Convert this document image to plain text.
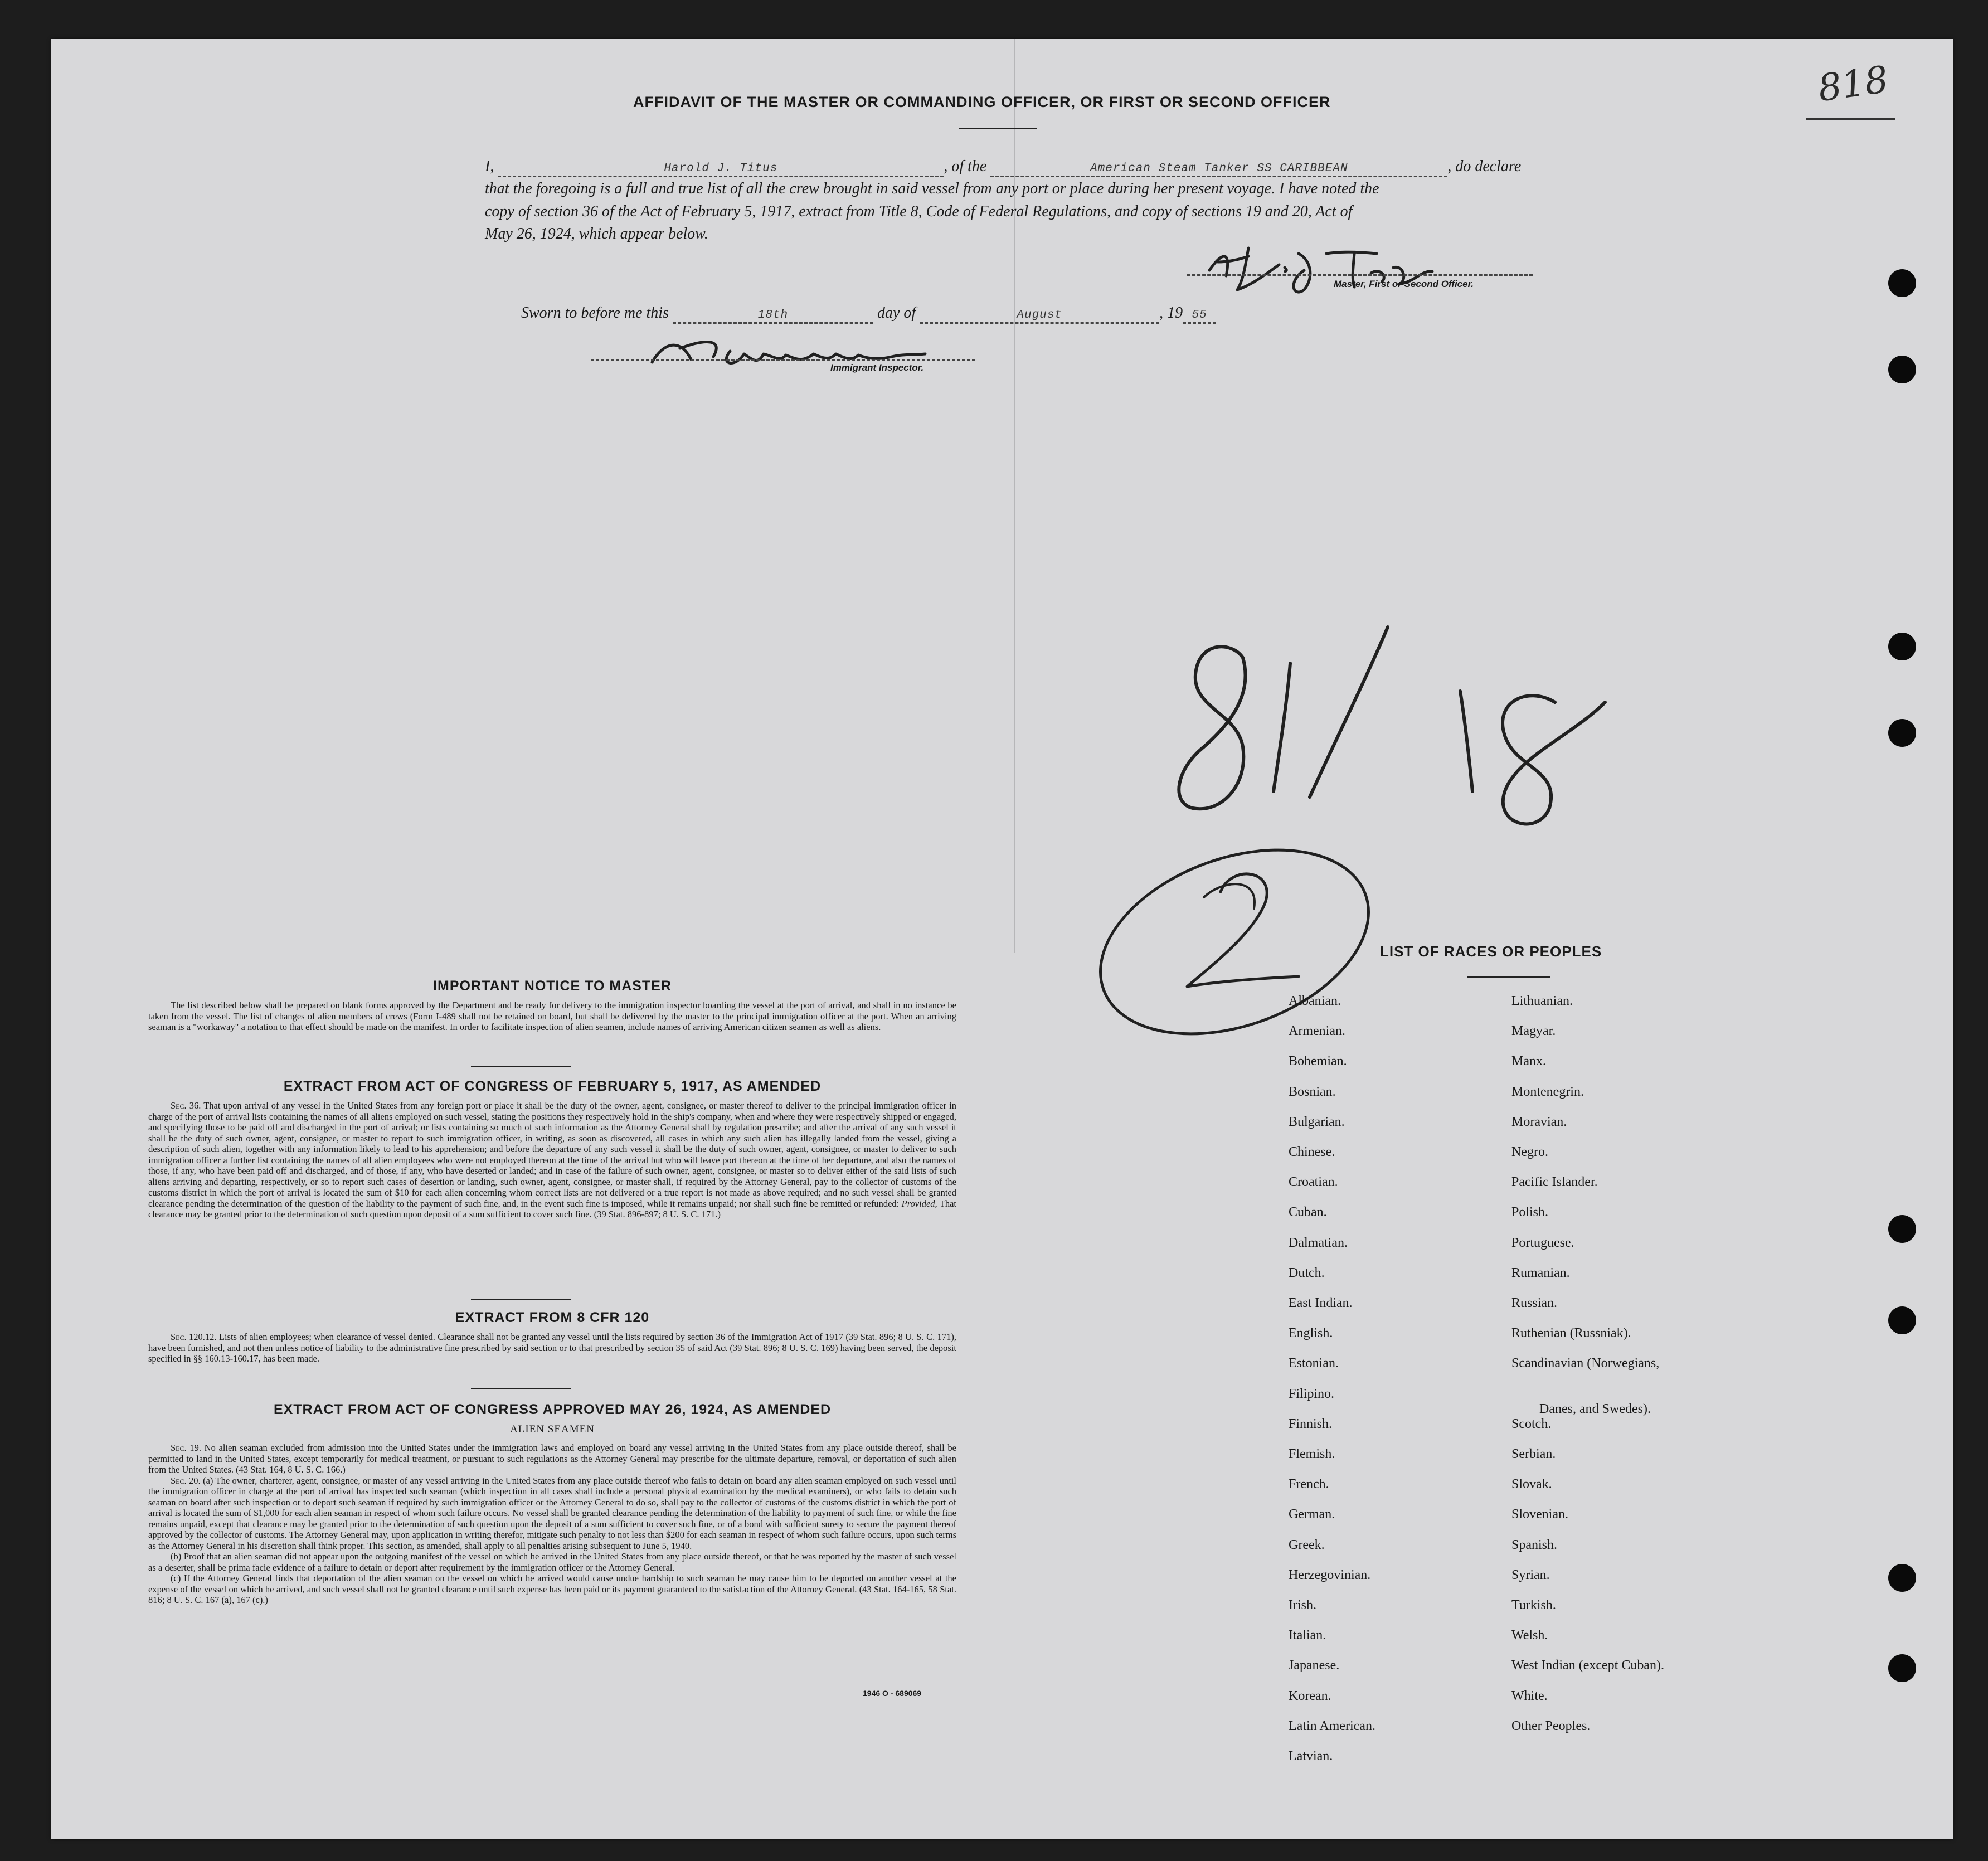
818
AFFIDAVIT OF THE MASTER OR COMMANDING OFFICER, OR FIRST OR SECOND OFFICER
I,	Harold J. Titus	, of the	American Steam Tanker SS CARIBBEAN	, do declare
that the foregoing is a full and true list of all the crew brought in said vessel from any port or place during her present voyage. I have noted the
copy of section 36 of the Act of February 5, 1917, extract from Title 8, Code of Federal Regulations, and copy of sections 19 and 20, Act of
May 26, 1924, which appear below.
Master, First or Second Officer.
Sworn to before me this	18th	day of	August	, 19 55
Immigrant Inspector.
IMPORTANT NOTICE TO MASTER

The list described below shall be prepared on blank forms approved by the Department and be ready for delivery to the immigration inspector boarding the vessel at the port of arrival, and shall in no instance be taken from the vessel. The list of changes of alien members of crews (Form I-489 shall not be retained on board, but shall be delivered by the master to the principal immigration officer at the port. When an arriving seaman is a "workaway" a notation to that effect should be made on the manifest. In order to facilitate inspection of alien seamen, include names of arriving American citizen seamen as well as aliens.

EXTRACT FROM ACT OF CONGRESS OF FEBRUARY 5, 1917, AS AMENDED

Sec. 36. That upon arrival of any vessel in the United States from any foreign port or place it shall be the duty of the owner, agent, consignee, or master thereof to deliver to the principal immigration officer in charge of the port of arrival lists containing the names of all aliens employed on such vessel, stating the positions they respectively hold in the ship's company, when and where they were respectively shipped or engaged, and specifying those to be paid off and discharged in the port of arrival; or lists containing so much of such information as the Attorney General shall by regulation prescribe; and after the arrival of any such vessel it shall be the duty of such owner, agent, consignee, or master to report to such immigration officer, in writing, as soon as discovered, all cases in which any such alien has illegally landed from the vessel, giving a description of such alien, together with any information likely to lead to his apprehension; and before the departure of any such vessel it shall be the duty of such owner, agent, consignee, or master to deliver to such immigration officer a further list containing the names of all alien employees who were not employed thereon at the time of the arrival but who will leave port thereon at the time of her departure, and also the names of those, if any, who have been paid off and discharged, and of those, if any, who have deserted or landed; and in case of the failure of such owner, agent, consignee, or master so to deliver either of the said lists of such aliens arriving and departing, respectively, or so to report such cases of desertion or landing, such owner, agent, consignee, or master shall, if required by the Attorney General, pay to the collector of customs of the customs district in which the port of arrival is located the sum of $10 for each alien concerning whom correct lists are not delivered or a true report is not made as above required; and no such vessel shall be granted clearance pending the determination of the question of the liability to the payment of such fine, and, in the event such fine is imposed, while it remains unpaid; nor shall such fine be remitted or refunded: Provided, That clearance may be granted prior to the determination of such question upon deposit of a sum sufficient to cover such fine. (39 Stat. 896-897; 8 U. S. C. 171.)

EXTRACT FROM 8 CFR 120

Sec. 120.12. Lists of alien employees; when clearance of vessel denied. Clearance shall not be granted any vessel until the lists required by section 36 of the Immigration Act of 1917 (39 Stat. 896; 8 U. S. C. 171), have been furnished, and not then unless notice of liability to the administrative fine prescribed by said section or to that prescribed by section 35 of said Act (39 Stat. 896; 8 U. S. C. 169) having been served, the deposit specified in §§ 160.13-160.17, has been made.

EXTRACT FROM ACT OF CONGRESS APPROVED MAY 26, 1924, AS AMENDED
ALIEN SEAMEN

Sec. 19. No alien seaman excluded from admission into the United States under the immigration laws and employed on board any vessel arriving in the United States from any place outside thereof, shall be permitted to land in the United States, except temporarily for medical treatment, or pursuant to such regulations as the Attorney General may prescribe for the ultimate departure, removal, or deportation of such alien from the United States. (43 Stat. 164, 8 U. S. C. 166.)

Sec. 20. (a) The owner, charterer, agent, consignee, or master of any vessel arriving in the United States from any place outside thereof who fails to detain on board any alien seaman employed on such vessel until the immigration officer in charge at the port of arrival has inspected such seaman (which inspection in all cases shall include a personal physical examination by the medical examiners), or who fails to detain such seaman on board after such inspection or to deport such seaman if required by such immigration officer or the Attorney General to do so, shall pay to the collector of customs of the customs district in which the port of arrival is located the sum of $1,000 for each alien seaman in respect of whom such failure occurs. No vessel shall be granted clearance pending the determination of the liability to payment of such fine, or while the fine remains unpaid, except that clearance may be granted prior to the determination of such question upon the deposit of a sum sufficient to cover such fine, or of a bond with sufficient surety to secure the payment thereof approved by the collector of customs. The Attorney General may, upon application in writing therefor, mitigate such penalty to not less than $200 for each seaman in respect of whom such failure occurs, upon such terms as the Attorney General in his discretion shall think proper. This section, as amended, shall apply to all penalties arising subsequent to June 5, 1940.

(b) Proof that an alien seaman did not appear upon the outgoing manifest of the vessel on which he arrived in the United States from any place outside thereof, or that he was reported by the master of such vessel as a deserter, shall be prima facie evidence of a failure to detain or deport after requirement by the immigration officer or the Attorney General.

(c) If the Attorney General finds that deportation of the alien seaman on the vessel on which he arrived would cause undue hardship to such seaman he may cause him to be deported on another vessel at the expense of the vessel on which he arrived, and such vessel shall not be granted clearance until such expense has been paid or its payment guaranteed to the satisfaction of the Attorney General. (43 Stat. 164-165, 58 Stat. 816; 8 U. S. C. 167 (a), 167 (c).)

1946 O - 689069
LIST OF RACES OR PEOPLES
Albanian.
Armenian.
Bohemian.
Bosnian.
Bulgarian.
Chinese.
Croatian.
Cuban.
Dalmatian.
Dutch.
East Indian.
English.
Estonian.
Filipino.
Finnish.
Flemish.
French.
German.
Greek.
Herzegovinian.
Irish.
Italian.
Japanese.
Korean.
Latin American.
Latvian.
Lithuanian.
Magyar.
Manx.
Montenegrin.
Moravian.
Negro.
Pacific Islander.
Polish.
Portuguese.
Rumanian.
Russian.
Ruthenian (Russniak).
Scandinavian (Norwegians,
Danes, and Swedes).
Scotch.
Serbian.
Slovak.
Slovenian.
Spanish.
Syrian.
Turkish.
Welsh.
West Indian (except Cuban).
White.
Other Peoples.
